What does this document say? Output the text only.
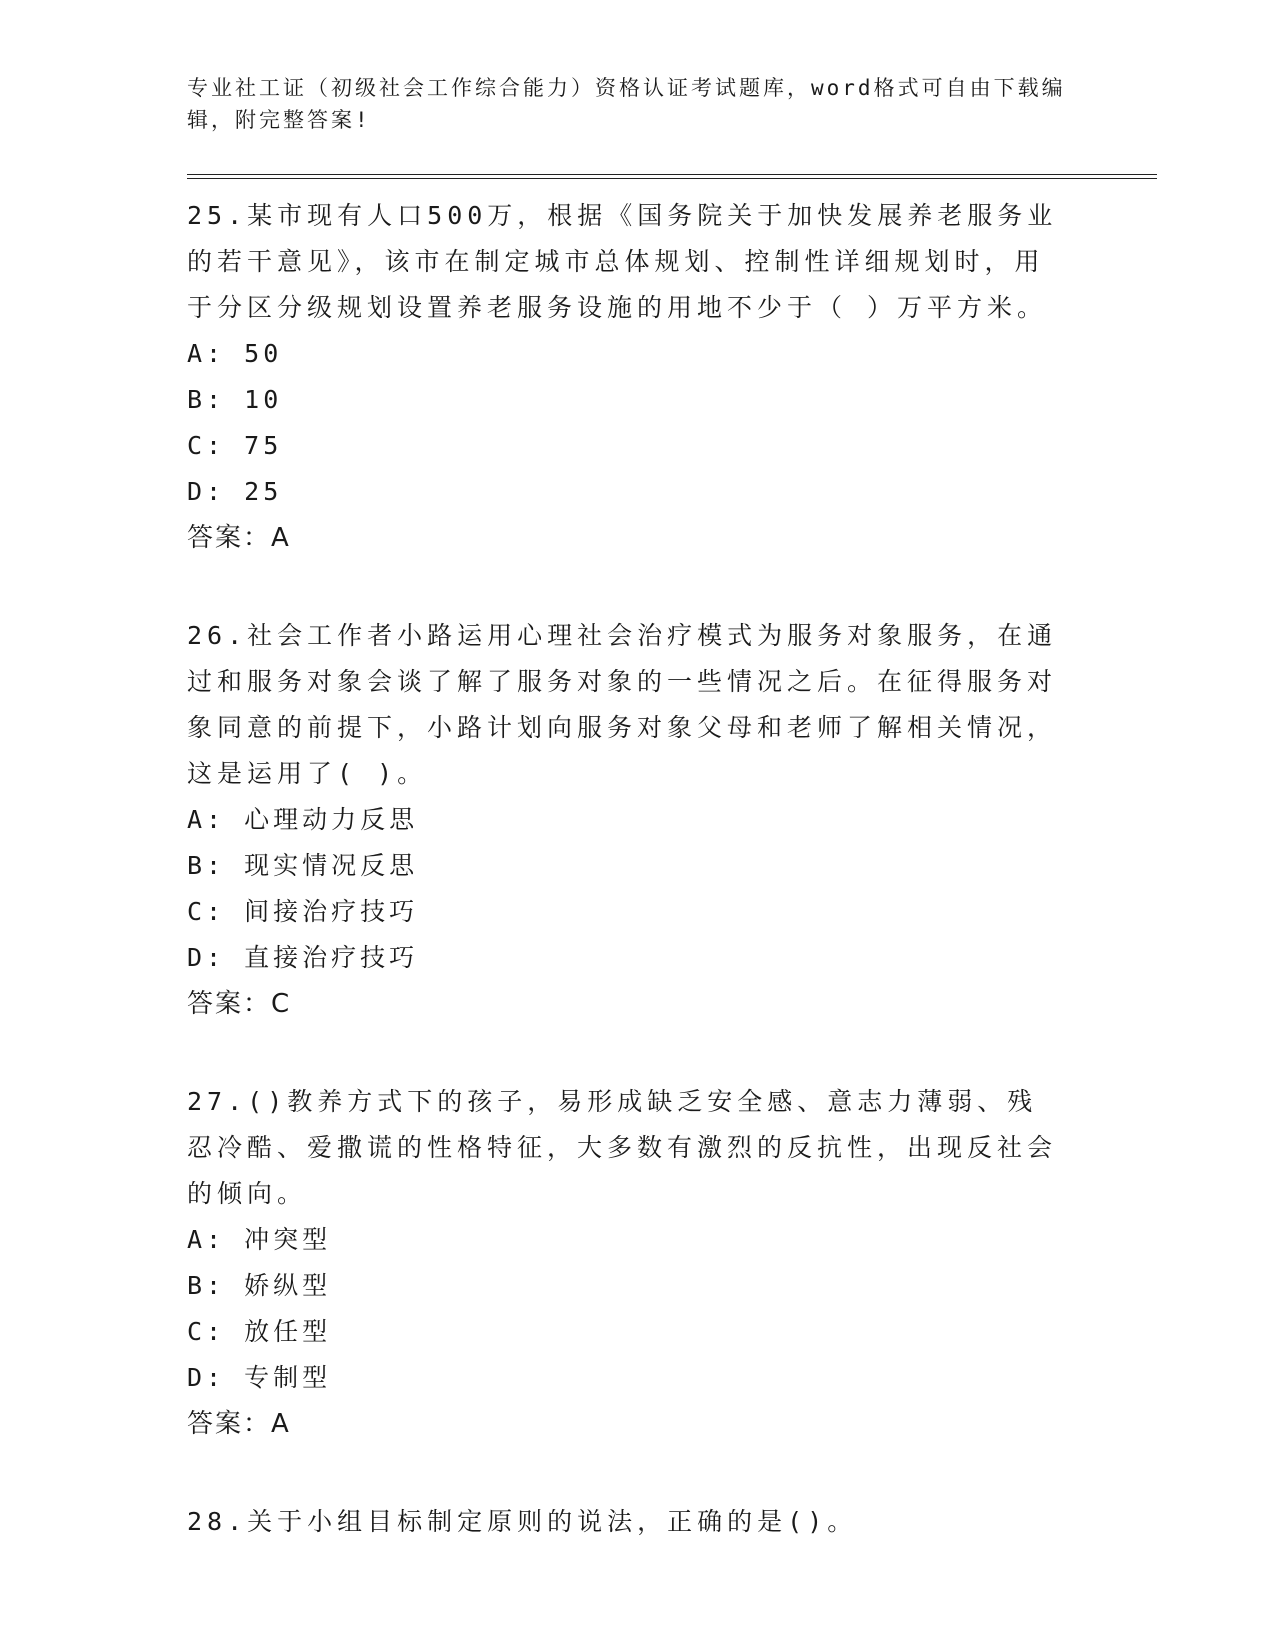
专业社工证（初级社会工作综合能力）资格认证考试题库，word格式可自由下载编辑，附完整答案!

25.某市现有人口500万，根据《国务院关于加快发展养老服务业的若干意见》，该市在制定城市总体规划、控制性详细规划时，用于分区分级规划设置养老服务设施的用地不少于（ ）万平方米。

A: 50

B: 10

C: 75

D: 25

答案：A

26.社会工作者小路运用心理社会治疗模式为服务对象服务，在通过和服务对象会谈了解了服务对象的一些情况之后。在征得服务对象同意的前提下，小路计划向服务对象父母和老师了解相关情况，这是运用了( )。

A: 心理动力反思

B: 现实情况反思

C: 间接治疗技巧

D: 直接治疗技巧

答案：C

27.()教养方式下的孩子，易形成缺乏安全感、意志力薄弱、残忍冷酷、爱撒谎的性格特征，大多数有激烈的反抗性，出现反社会的倾向。

A: 冲突型

B: 娇纵型

C: 放任型

D: 专制型

答案：A

28.关于小组目标制定原则的说法，正确的是()。
